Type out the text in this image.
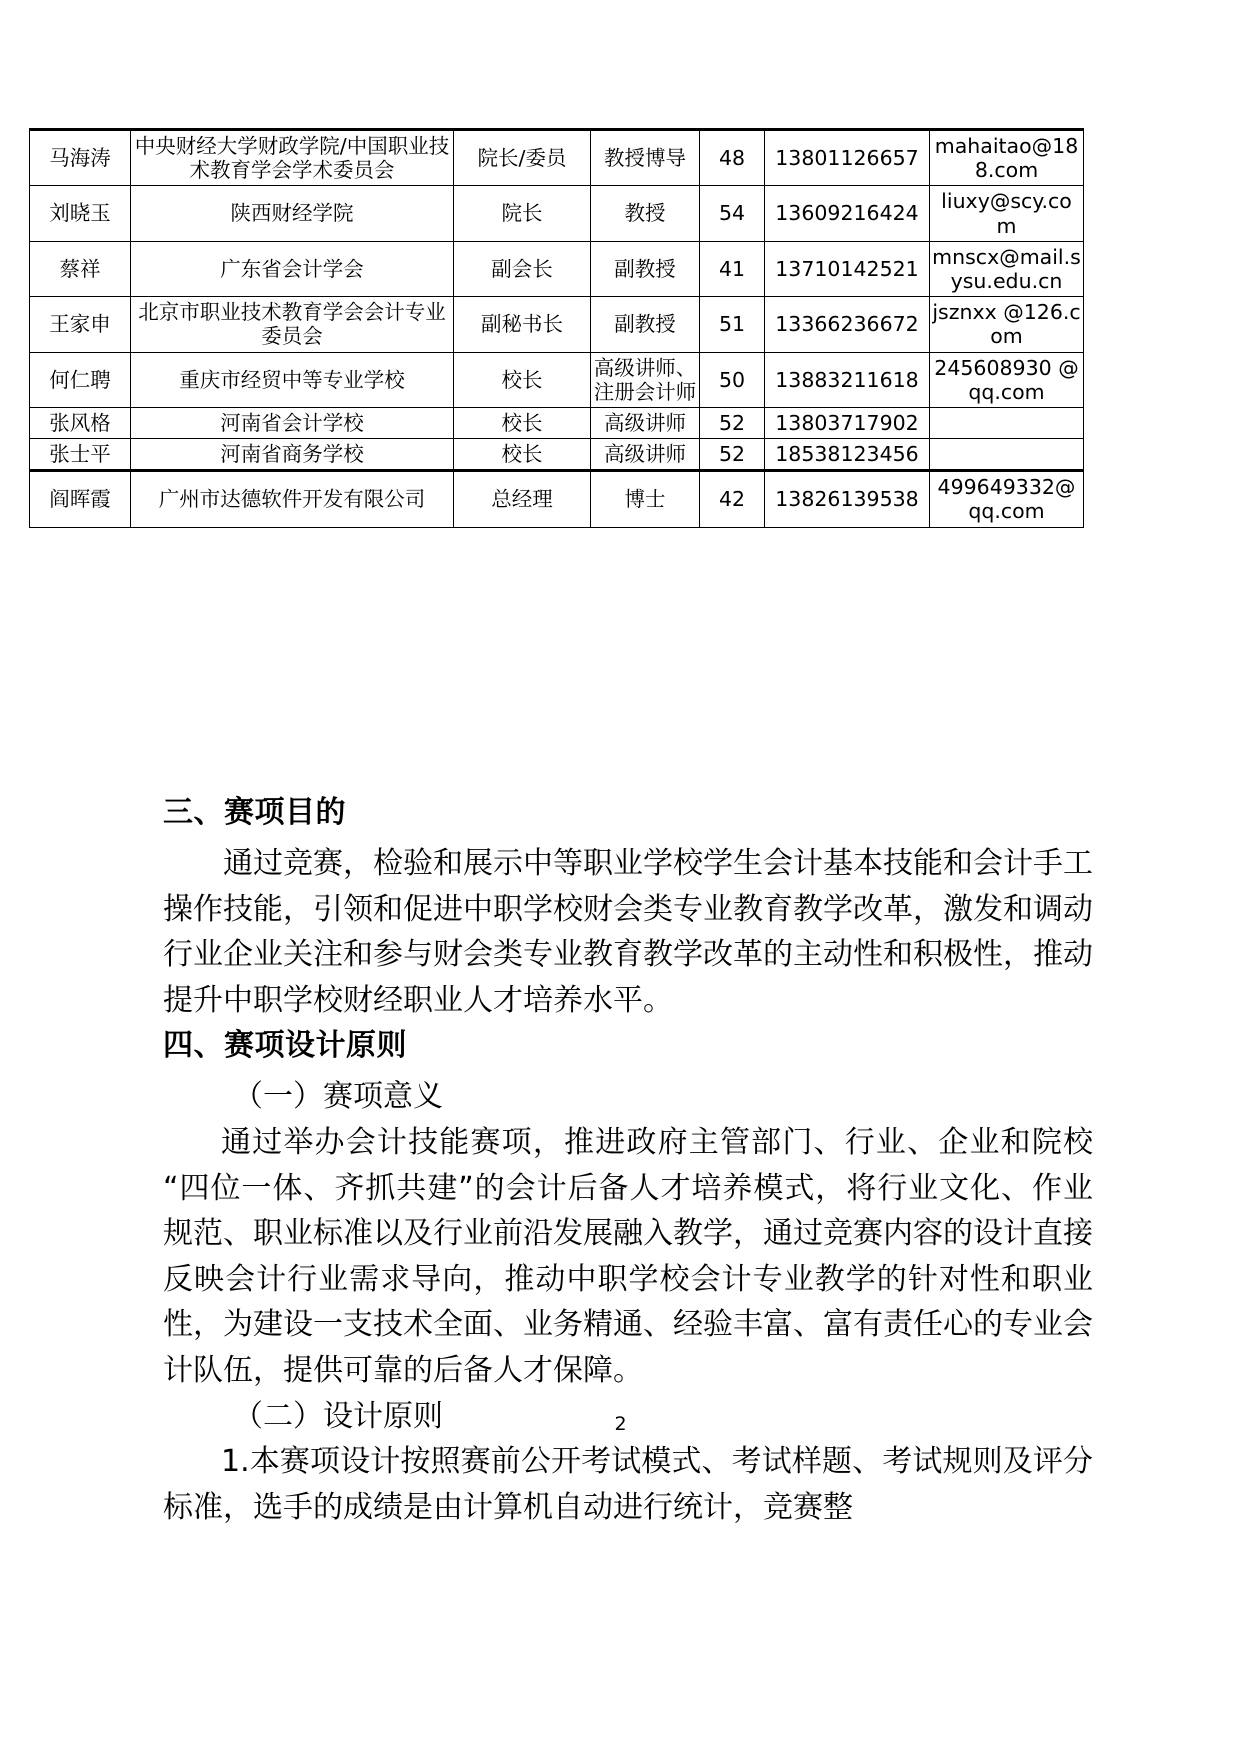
马海涛	中央财经大学财政学院/中国职业技术教育学会学术委员会	院长/委员	教授博导	48	13801126657	mahaitao@188.com
刘晓玉	陕西财经学院	院长	教授	54	13609216424	liuxy@scy.com
蔡祥	广东省会计学会	副会长	副教授	41	13710142521	mnscx@mail.sysu.edu.cn
王家申	北京市职业技术教育学会会计专业委员会	副秘书长	副教授	51	13366236672	jsznxx @126.com
何仁聘	重庆市经贸中等专业学校	校长	高级讲师、注册会计师	50	13883211618	245608930 @qq.com
张风格	河南省会计学校	校长	高级讲师	52	13803717902	
张士平	河南省商务学校	校长	高级讲师	52	18538123456	
阎晖霞	广州市达德软件开发有限公司	总经理	博士	42	13826139538	499649332@ qq.com
三、赛项目的

通过竞赛，检验和展示中等职业学校学生会计基本技能和会计手工操作技能，引领和促进中职学校财会类专业教育教学改革，激发和调动行业企业关注和参与财会类专业教育教学改革的主动性和积极性，推动提升中职学校财经职业人才培养水平。

四、赛项设计原则

（一）赛项意义

通过举办会计技能赛项，推进政府主管部门、行业、企业和院校“四位一体、齐抓共建”的会计后备人才培养模式，将行业文化、作业规范、职业标准以及行业前沿发展融入教学，通过竞赛内容的设计直接反映会计行业需求导向，推动中职学校会计专业教学的针对性和职业性，为建设一支技术全面、业务精通、经验丰富、富有责任心的专业会计队伍，提供可靠的后备人才保障。

（二）设计原则

1.本赛项设计按照赛前公开考试模式、考试样题、考试规则及评分标准，选手的成绩是由计算机自动进行统计，竞赛整

2
